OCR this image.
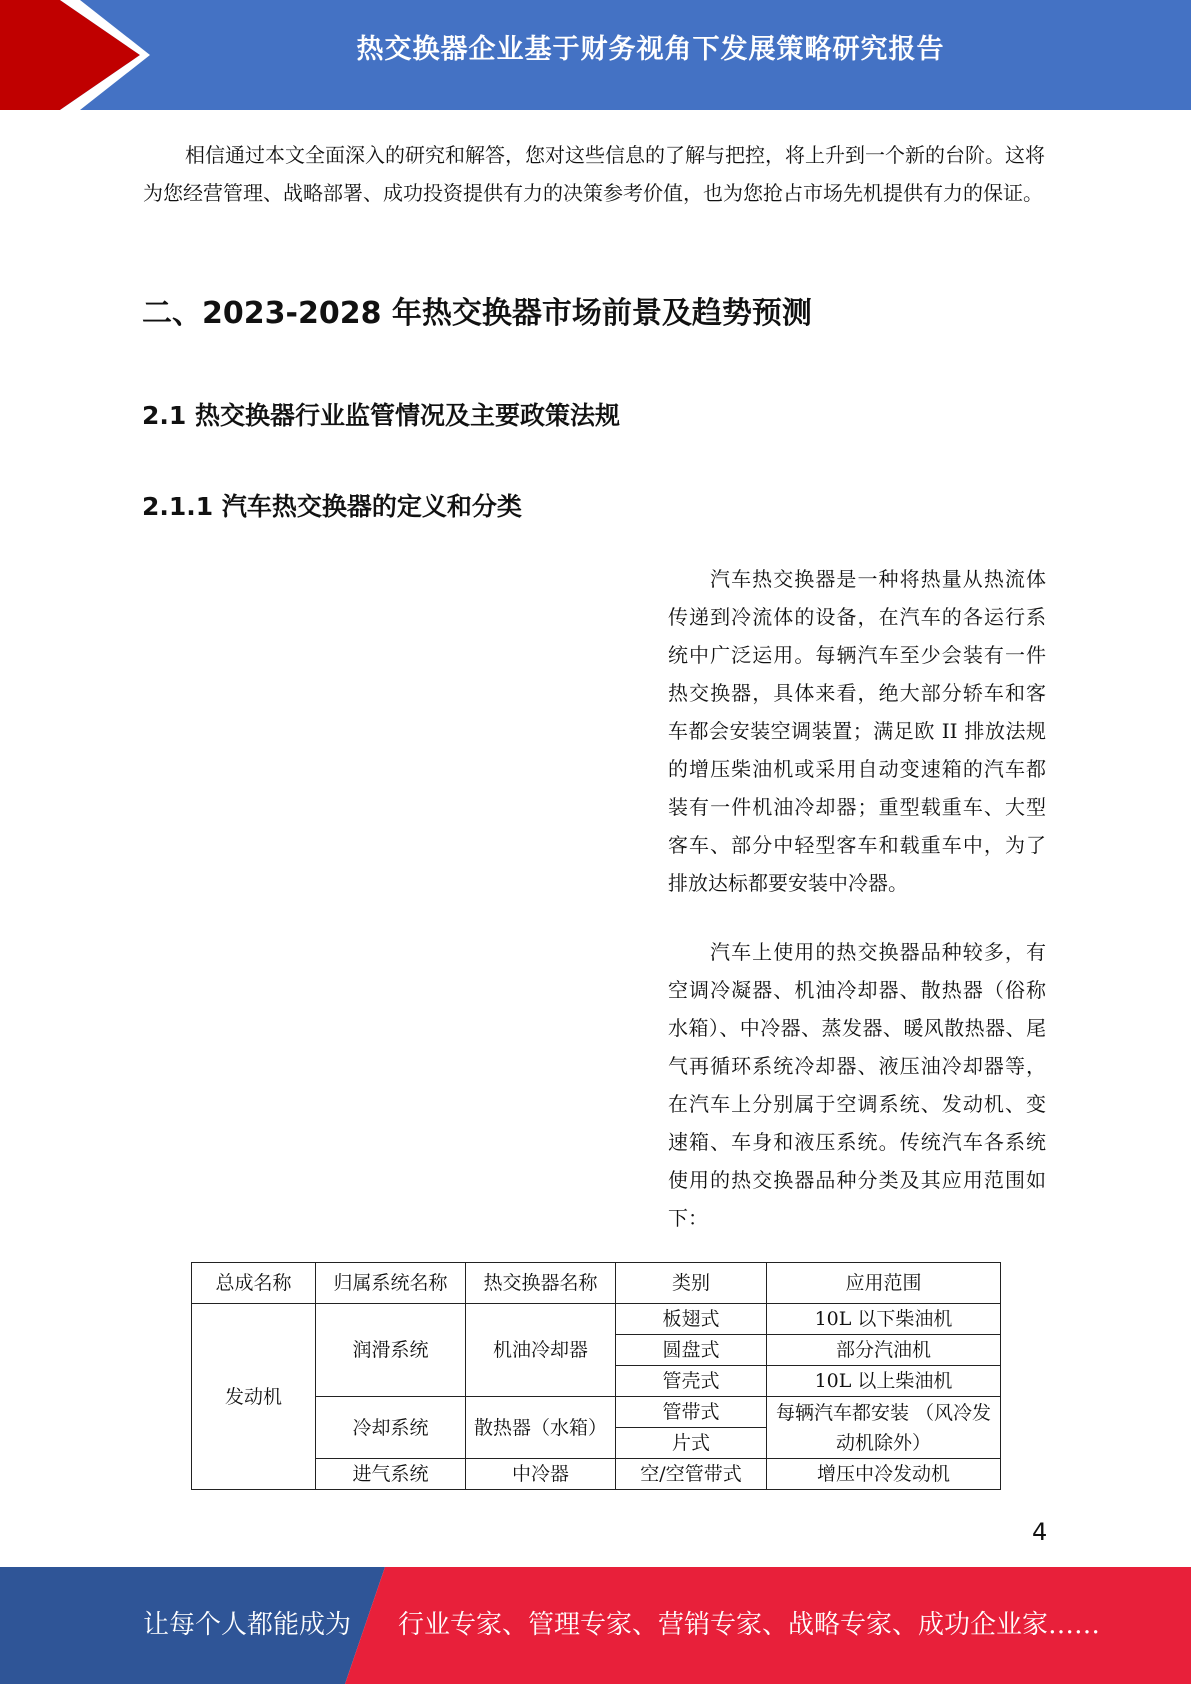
热交换器企业基于财务视角下发展策略研究报告

相信通过本文全面深入的研究和解答，您对这些信息的了解与把控，将上升到一个新的台阶。这将为您经营管理、战略部署、成功投资提供有力的决策参考价值，也为您抢占市场先机提供有力的保证。

二、2023-2028 年热交换器市场前景及趋势预测
2.1 热交换器行业监管情况及主要政策法规
2.1.1 汽车热交换器的定义和分类

汽车热交换器是一种将热量从热流体传递到冷流体的设备，在汽车的各运行系统中广泛运用。每辆汽车至少会装有一件热交换器，具体来看，绝大部分轿车和客车都会安装空调装置；满足欧 II 排放法规的增压柴油机或采用自动变速箱的汽车都装有一件机油冷却器；重型载重车、大型客车、部分中轻型客车和载重车中，为了排放达标都要安装中冷器。

汽车上使用的热交换器品种较多，有空调冷凝器、机油冷却器、散热器（俗称水箱）、中冷器、蒸发器、暖风散热器、尾气再循环系统冷却器、液压油冷却器等，在汽车上分别属于空调系统、发动机、变速箱、车身和液压系统。传统汽车各系统使用的热交换器品种分类及其应用范围如下：

总成名称	归属系统名称	热交换器名称	类别	应用范围
发动机	润滑系统	机油冷却器	板翅式	10L 以下柴油机
			圆盘式	部分汽油机
			管壳式	10L 以上柴油机
	冷却系统	散热器（水箱）	管带式	每辆汽车都安装 （风冷发动机除外）
			片式	
	进气系统	中冷器	空/空管带式	增压中冷发动机
4
让每个人都能成为 行业专家、管理专家、营销专家、战略专家、成功企业家……
